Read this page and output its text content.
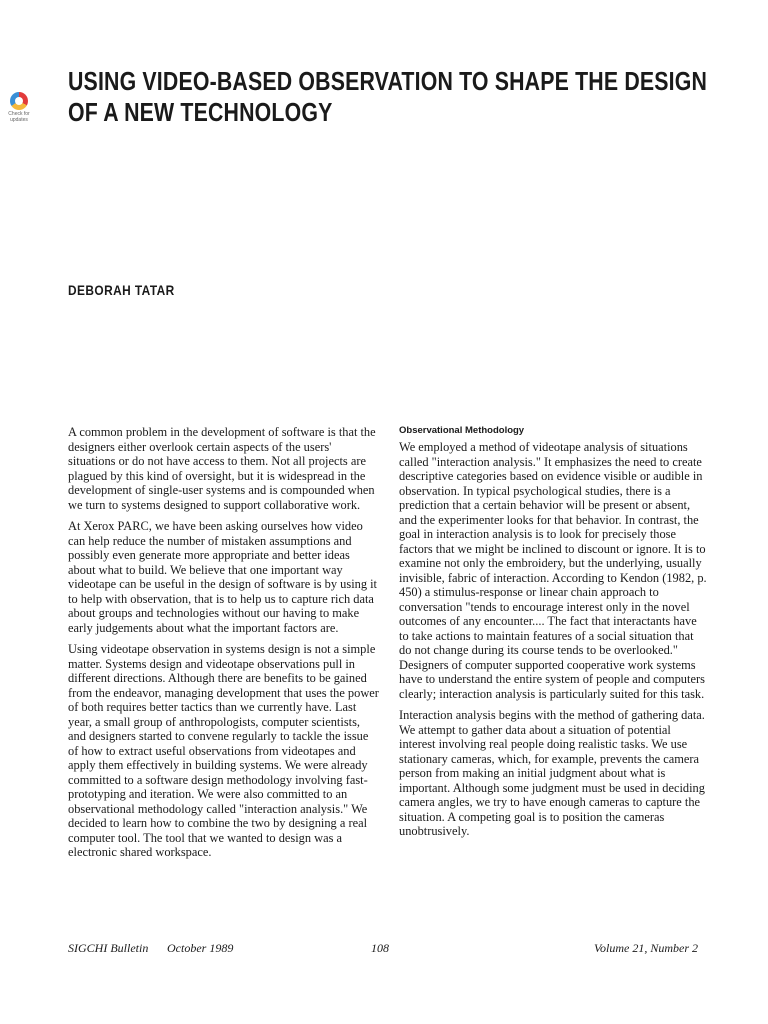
Check for updates
USING VIDEO-BASED OBSERVATION TO SHAPE THE DESIGN
OF A NEW TECHNOLOGY
DEBORAH TATAR

A common problem in the development of software is that the designers either overlook certain aspects of the users' situations or do not have access to them. Not all projects are plagued by this kind of oversight, but it is widespread in the development of single-user systems and is compounded when we turn to systems designed to support collaborative work.

At Xerox PARC, we have been asking ourselves how video can help reduce the number of mistaken assumptions and possibly even generate more appropriate and better ideas about what to build. We believe that one important way videotape can be useful in the design of software is by using it to help with observation, that is to help us to capture rich data about groups and technologies without our having to make early judgements about what the important factors are.

Using videotape observation in systems design is not a simple matter. Systems design and videotape observations pull in different directions. Although there are benefits to be gained from the endeavor, managing development that uses the power of both requires better tactics than we currently have. Last year, a small group of anthropologists, computer scientists, and designers started to convene regularly to tackle the issue of how to extract useful observations from videotapes and apply them effectively in building systems. We were already committed to a software design methodology involving fast-prototyping and iteration. We were also committed to an observational methodology called "interaction analysis." We decided to learn how to combine the two by designing a real computer tool. The tool that we wanted to design was a electronic shared workspace.

Observational Methodology

We employed a method of videotape analysis of situations called "interaction analysis." It emphasizes the need to create descriptive categories based on evidence visible or audible in observation. In typical psychological studies, there is a prediction that a certain behavior will be present or absent, and the experimenter looks for that behavior. In contrast, the goal in interaction analysis is to look for precisely those factors that we might be inclined to discount or ignore. It is to examine not only the embroidery, but the underlying, usually invisible, fabric of interaction. According to Kendon (1982, p. 450) a stimulus-response or linear chain approach to conversation "tends to encourage interest only in the novel outcomes of any encounter.... The fact that interactants have to take actions to maintain features of a social situation that do not change during its course tends to be overlooked." Designers of computer supported cooperative work systems have to understand the entire system of people and computers clearly; interaction analysis is particularly suited for this task.

Interaction analysis begins with the method of gathering data. We attempt to gather data about a situation of potential interest involving real people doing realistic tasks. We use stationary cameras, which, for example, prevents the camera person from making an initial judgment about what is important. Although some judgment must be used in deciding camera angles, we try to have enough cameras to capture the situation. A competing goal is to position the cameras unobtrusively.

SIGCHI Bulletin October 1989	108	Volume 21, Number 2
